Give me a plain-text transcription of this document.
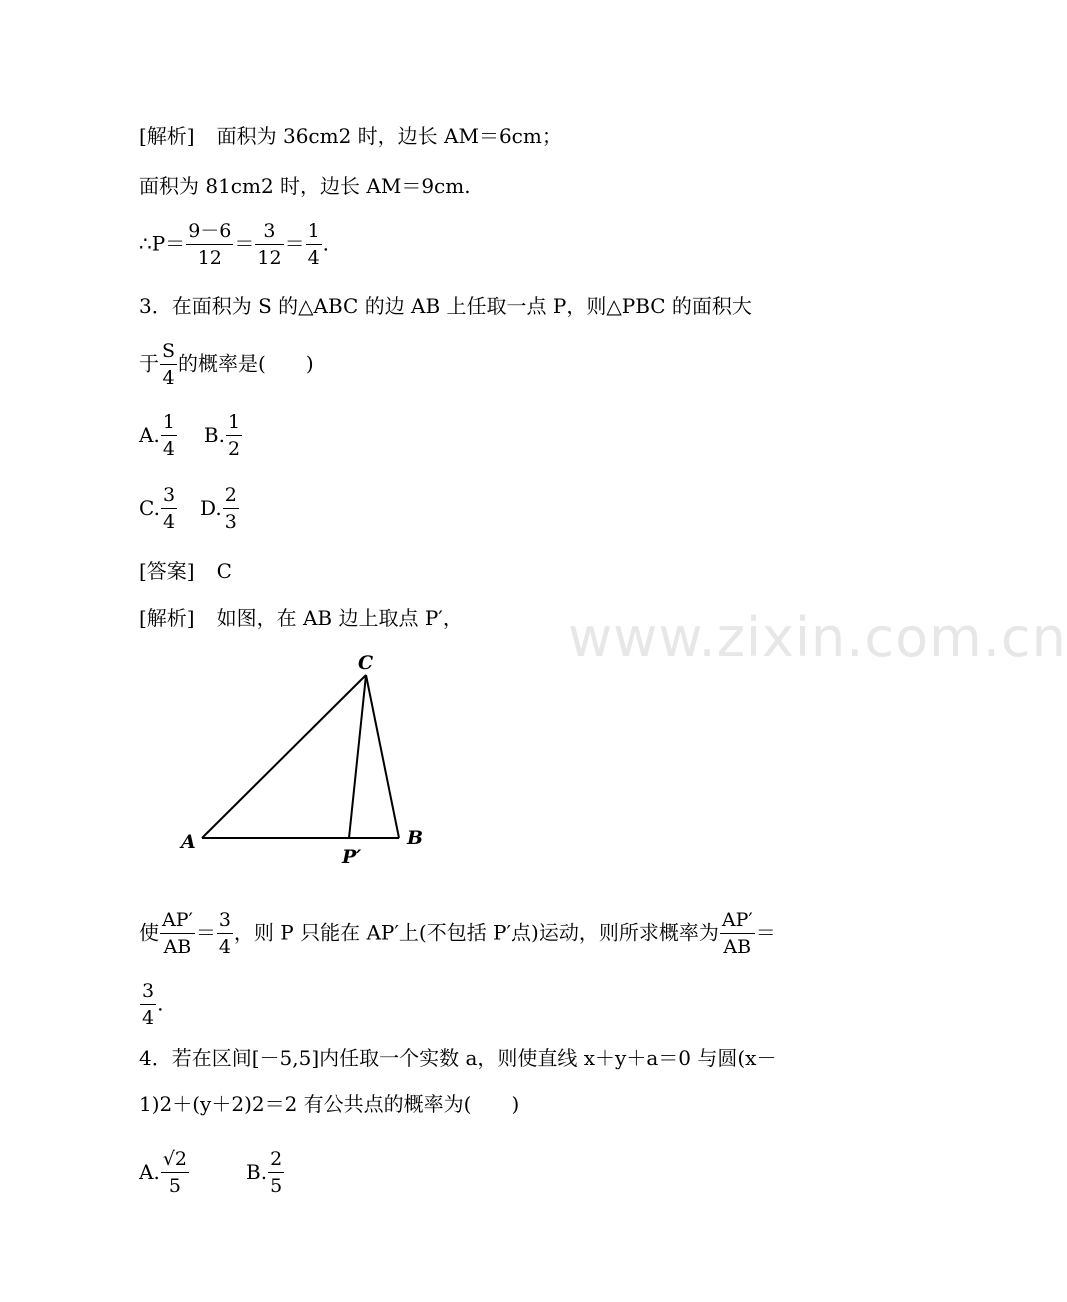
www.zixin.com.cn
[解析] 面积为 36cm2 时，边长 AM＝6cm；
面积为 81cm2 时，边长 AM＝9cm.
∴P＝ $\frac{9-6}{12} = \frac{3}{12} = \frac{1}{4}$ .
3．在面积为 S 的△ABC 的边 AB 上任取一点 P，则△PBC 的面积大
于 $\frac{S}{4}$ 的概率是(　　)
A. $\frac{1}{4} B$. $\frac{1}{2}$
C. $\frac{3}{4} D$. $\frac{2}{3}$
[答案] C
[解析] 如图，在 AB 边上取点 P′，
C
A	B
P′
使 $\frac{AP'}{AB} = \frac{3}{4}$ ，则 P 只能在 AP′上(不包括 P′点)运动，则所求概率为 $\frac{AP'}{AB}$ ＝
$\frac{3}{4}$ .
4．若在区间[－5,5]内任取一个实数 a，则使直线 x＋y＋a＝0 与圆(x－
1)2＋(y＋2)2＝2 有公共点的概率为(　　)
A. $\frac{√2}{5}$	B. $\frac{2}{5}$
